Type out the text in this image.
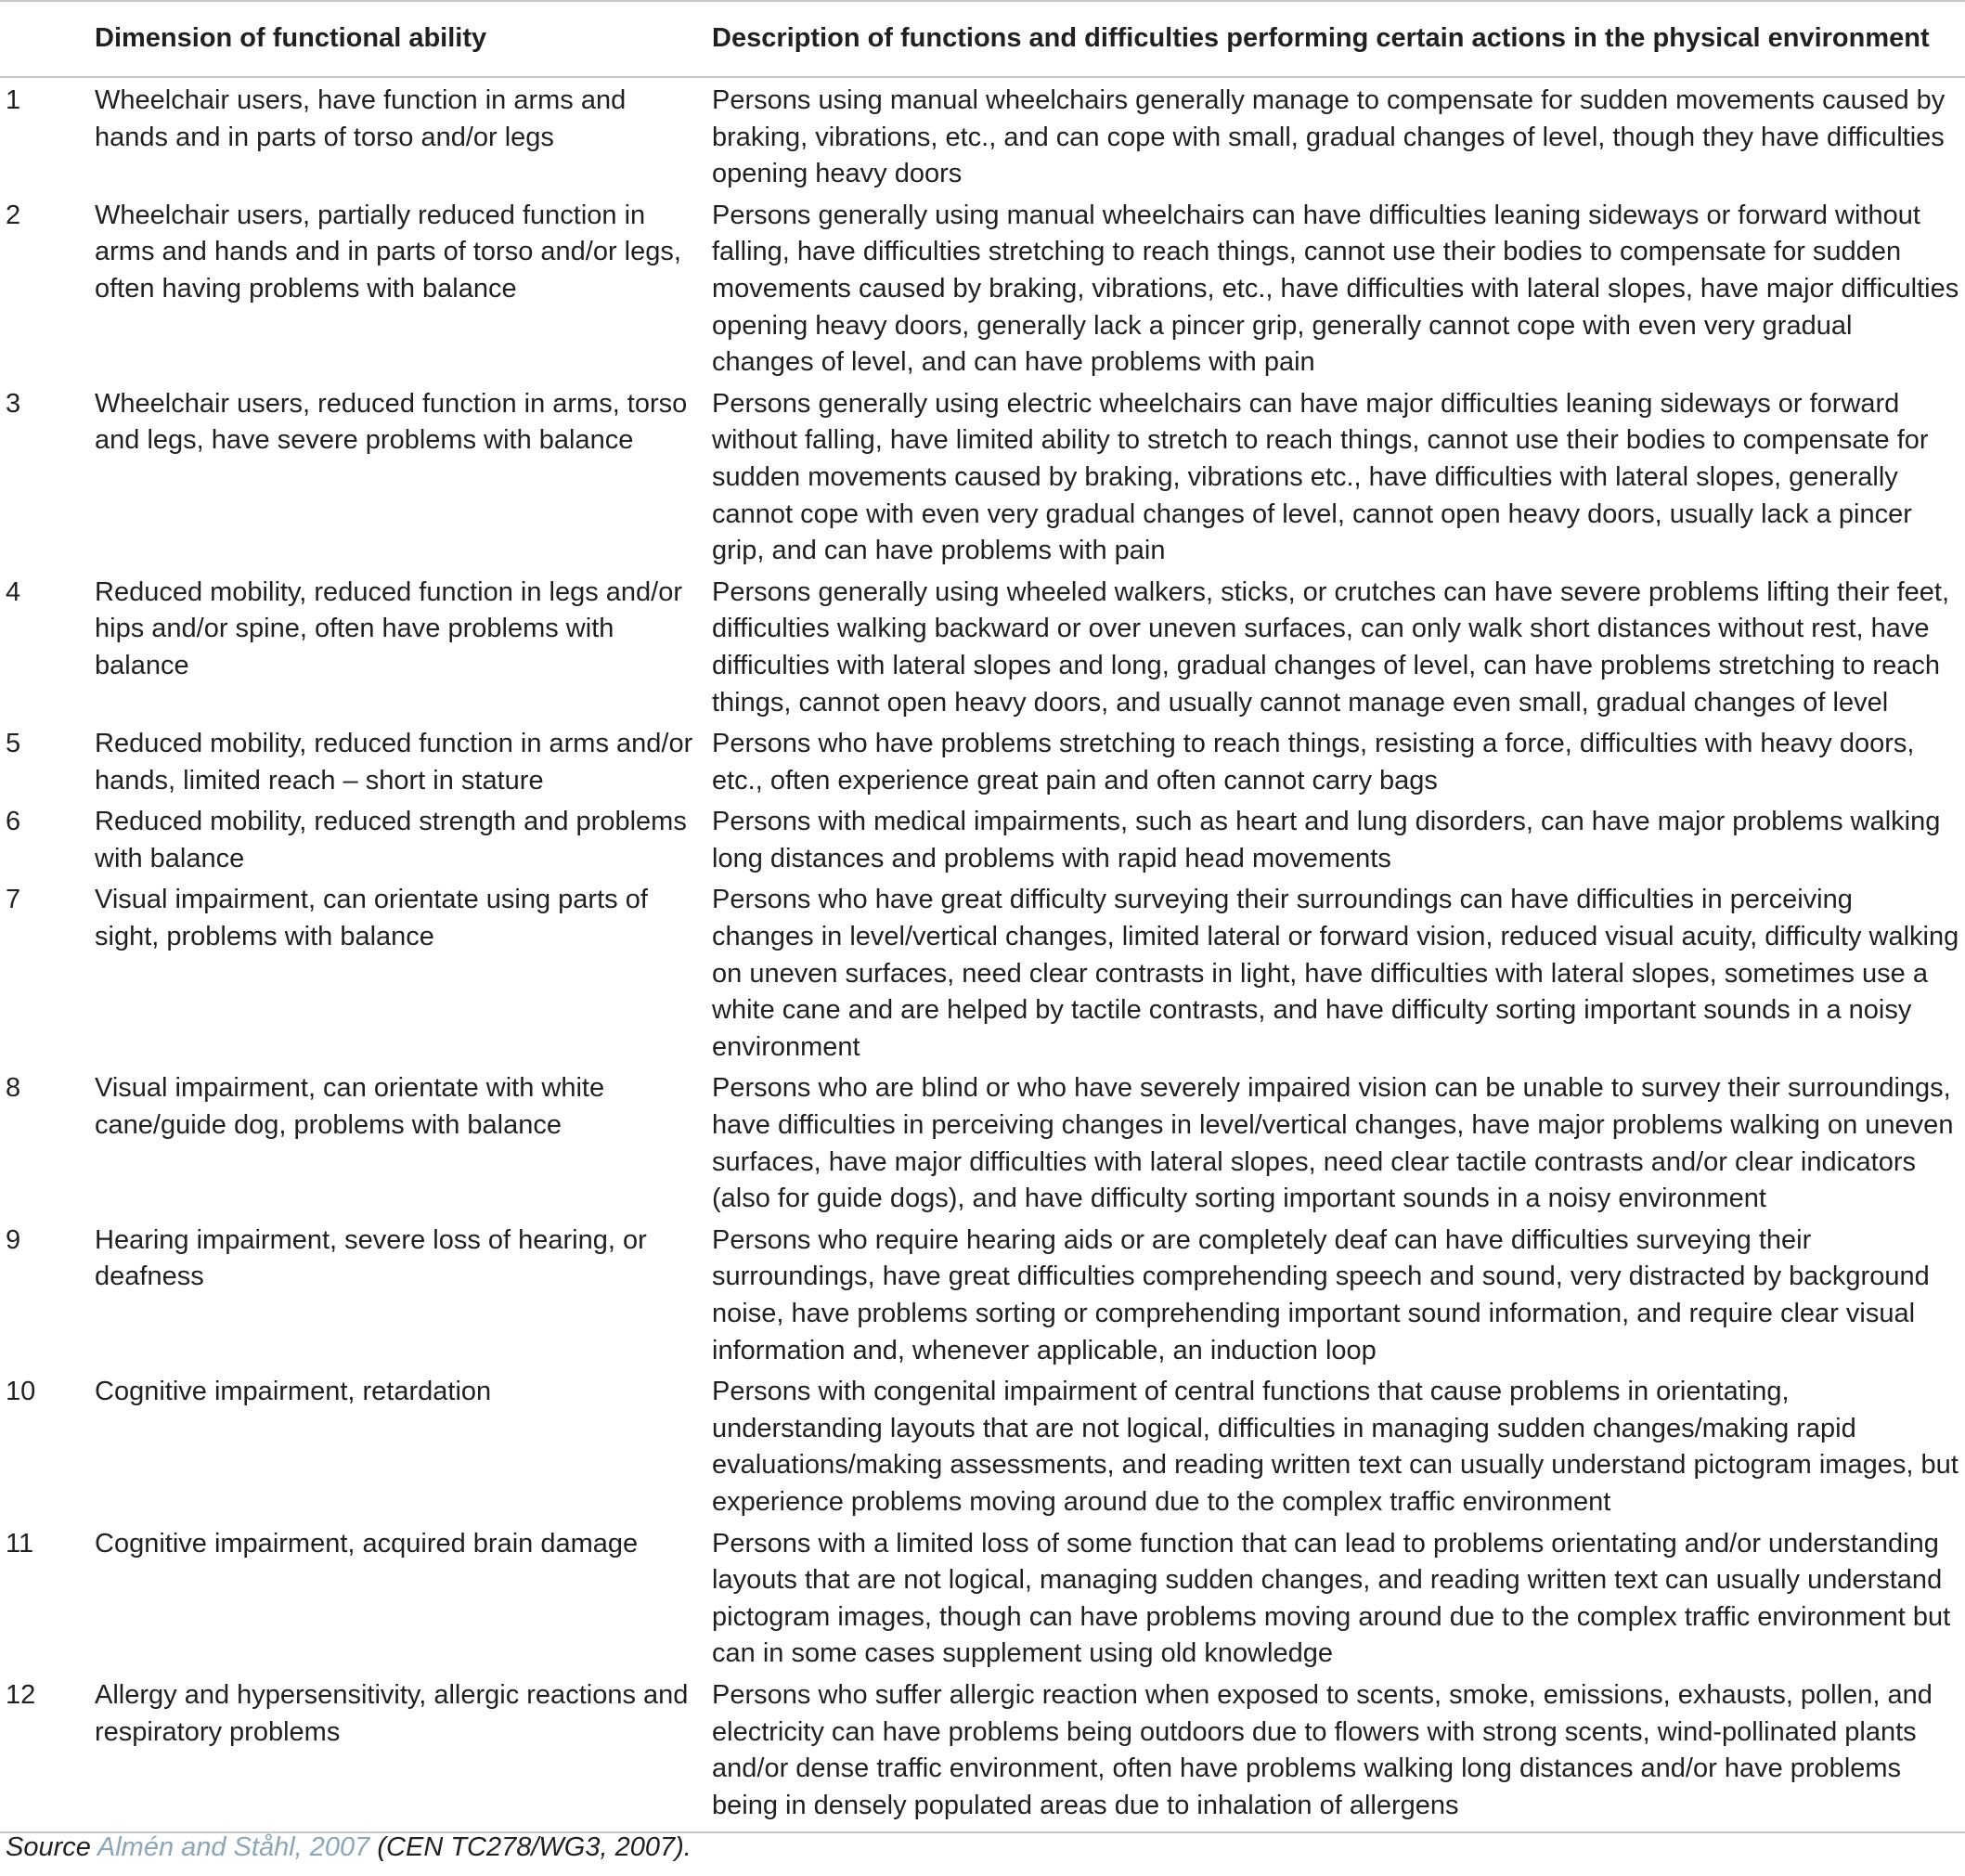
	Dimension of functional ability	Description of functions and difficulties performing certain actions in the physical environment
1	Wheelchair users, have function in arms and hands and in parts of torso and/or legs	Persons using manual wheelchairs generally manage to compensate for sudden movements caused by braking, vibrations, etc., and can cope with small, gradual changes of level, though they have difficulties opening heavy doors
2	Wheelchair users, partially reduced function in arms and hands and in parts of torso and/or legs, often having problems with balance	Persons generally using manual wheelchairs can have difficulties leaning sideways or forward without falling, have difficulties stretching to reach things, cannot use their bodies to compensate for sudden movements caused by braking, vibrations, etc., have difficulties with lateral slopes, have major difficulties opening heavy doors, generally lack a pincer grip, generally cannot cope with even very gradual changes of level, and can have problems with pain
3	Wheelchair users, reduced function in arms, torso and legs, have severe problems with balance	Persons generally using electric wheelchairs can have major difficulties leaning sideways or forward without falling, have limited ability to stretch to reach things, cannot use their bodies to compensate for sudden movements caused by braking, vibrations etc., have difficulties with lateral slopes, generally cannot cope with even very gradual changes of level, cannot open heavy doors, usually lack a pincer grip, and can have problems with pain
4	Reduced mobility, reduced function in legs and/or hips and/or spine, often have problems with balance	Persons generally using wheeled walkers, sticks, or crutches can have severe problems lifting their feet, difficulties walking backward or over uneven surfaces, can only walk short distances without rest, have difficulties with lateral slopes and long, gradual changes of level, can have problems stretching to reach things, cannot open heavy doors, and usually cannot manage even small, gradual changes of level
5	Reduced mobility, reduced function in arms and/or hands, limited reach – short in stature	Persons who have problems stretching to reach things, resisting a force, difficulties with heavy doors, etc., often experience great pain and often cannot carry bags
6	Reduced mobility, reduced strength and problems with balance	Persons with medical impairments, such as heart and lung disorders, can have major problems walking long distances and problems with rapid head movements
7	Visual impairment, can orientate using parts of sight, problems with balance	Persons who have great difficulty surveying their surroundings can have difficulties in perceiving changes in level/vertical changes, limited lateral or forward vision, reduced visual acuity, difficulty walking on uneven surfaces, need clear contrasts in light, have difficulties with lateral slopes, sometimes use a white cane and are helped by tactile contrasts, and have difficulty sorting important sounds in a noisy environment
8	Visual impairment, can orientate with white cane/guide dog, problems with balance	Persons who are blind or who have severely impaired vision can be unable to survey their surroundings, have difficulties in perceiving changes in level/vertical changes, have major problems walking on uneven surfaces, have major difficulties with lateral slopes, need clear tactile contrasts and/or clear indicators (also for guide dogs), and have difficulty sorting important sounds in a noisy environment
9	Hearing impairment, severe loss of hearing, or deafness	Persons who require hearing aids or are completely deaf can have difficulties surveying their surroundings, have great difficulties comprehending speech and sound, very distracted by background noise, have problems sorting or comprehending important sound information, and require clear visual information and, whenever applicable, an induction loop
10	Cognitive impairment, retardation	Persons with congenital impairment of central functions that cause problems in orientating, understanding layouts that are not logical, difficulties in managing sudden changes/making rapid evaluations/making assessments, and reading written text can usually understand pictogram images, but experience problems moving around due to the complex traffic environment
11	Cognitive impairment, acquired brain damage	Persons with a limited loss of some function that can lead to problems orientating and/or understanding layouts that are not logical, managing sudden changes, and reading written text can usually understand pictogram images, though can have problems moving around due to the complex traffic environment but can in some cases supplement using old knowledge
12	Allergy and hypersensitivity, allergic reactions and respiratory problems	Persons who suffer allergic reaction when exposed to scents, smoke, emissions, exhausts, pollen, and electricity can have problems being outdoors due to flowers with strong scents, wind-pollinated plants and/or dense traffic environment, often have problems walking long distances and/or have problems being in densely populated areas due to inhalation of allergens
Source Almén and Ståhl, 2007 (CEN TC278/WG3, 2007).
